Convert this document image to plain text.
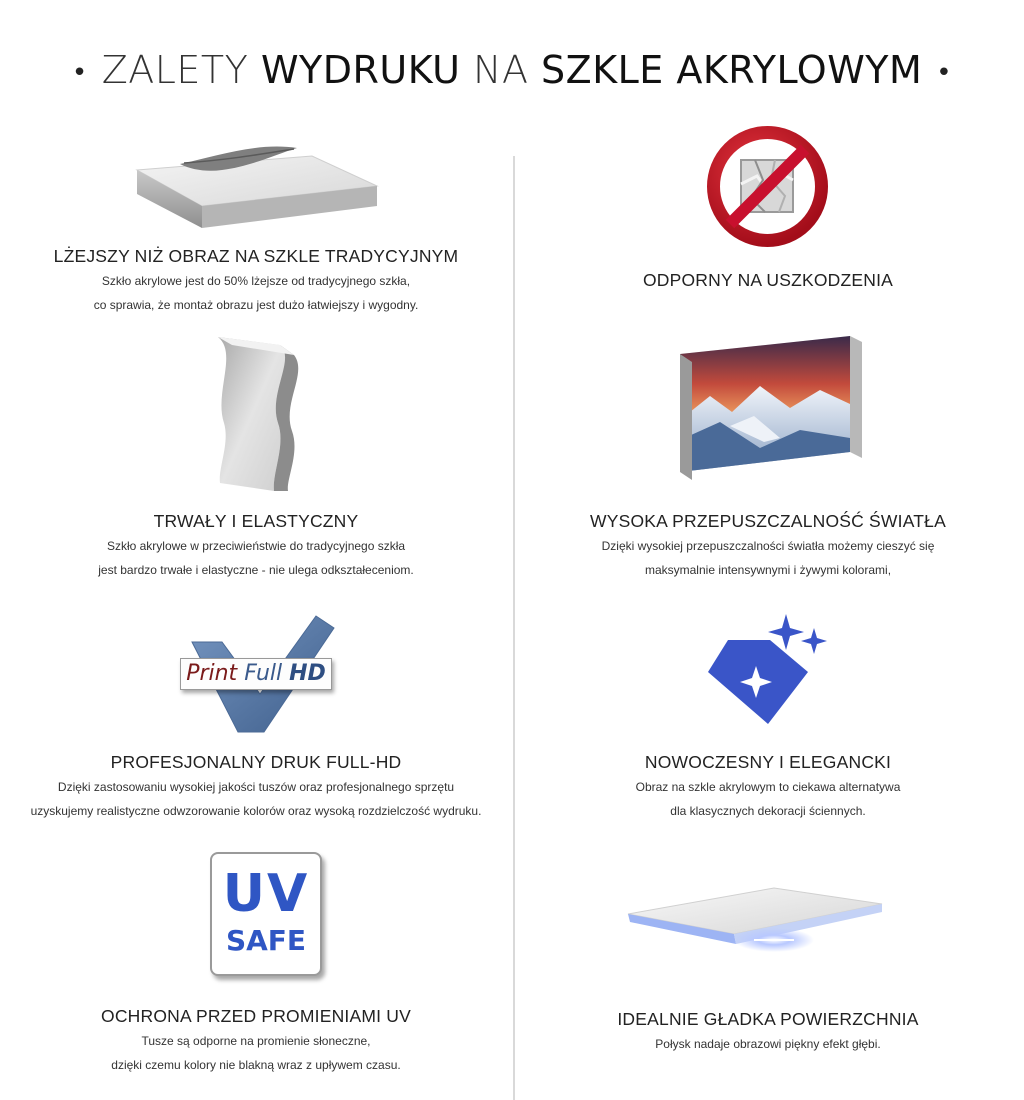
• ZALETY WYDRUKU NA SZKLE AKRYLOWYM •
LŻEJSZY NIŻ OBRAZ NA SZKLE TRADYCYJNYM

Szkło akrylowe jest do 50% lżejsze od tradycyjnego szkła,

co sprawia, że montaż obrazu jest dużo łatwiejszy i wygodny.

ODPORNY NA USZKODZENIA
TRWAŁY I ELASTYCZNY

Szkło akrylowe w przeciwieństwie do tradycyjnego szkła

jest bardzo trwałe i elastyczne - nie ulega odkształeceniom.

WYSOKA PRZEPUSZCZALNOŚĆ ŚWIATŁA

Dzięki wysokiej przepuszczalności światła możemy cieszyć się

maksymalnie intensywnymi i żywymi kolorami,

Print Full HD
PROFESJONALNY DRUK FULL-HD

Dzięki zastosowaniu wysokiej jakości tuszów oraz profesjonalnego sprzętu

uzyskujemy realistyczne odwzorowanie kolorów oraz wysoką rozdzielczość wydruku.

NOWOCZESNY I ELEGANCKI

Obraz na szkle akrylowym to ciekawa alternatywa

dla klasycznych dekoracji ściennych.

UV
SAFE
OCHRONA PRZED PROMIENIAMI UV

Tusze są odporne na promienie słoneczne,

dzięki czemu kolory nie blakną wraz z upływem czasu.

IDEALNIE GŁADKA POWIERZCHNIA

Połysk nadaje obrazowi piękny efekt głębi.
